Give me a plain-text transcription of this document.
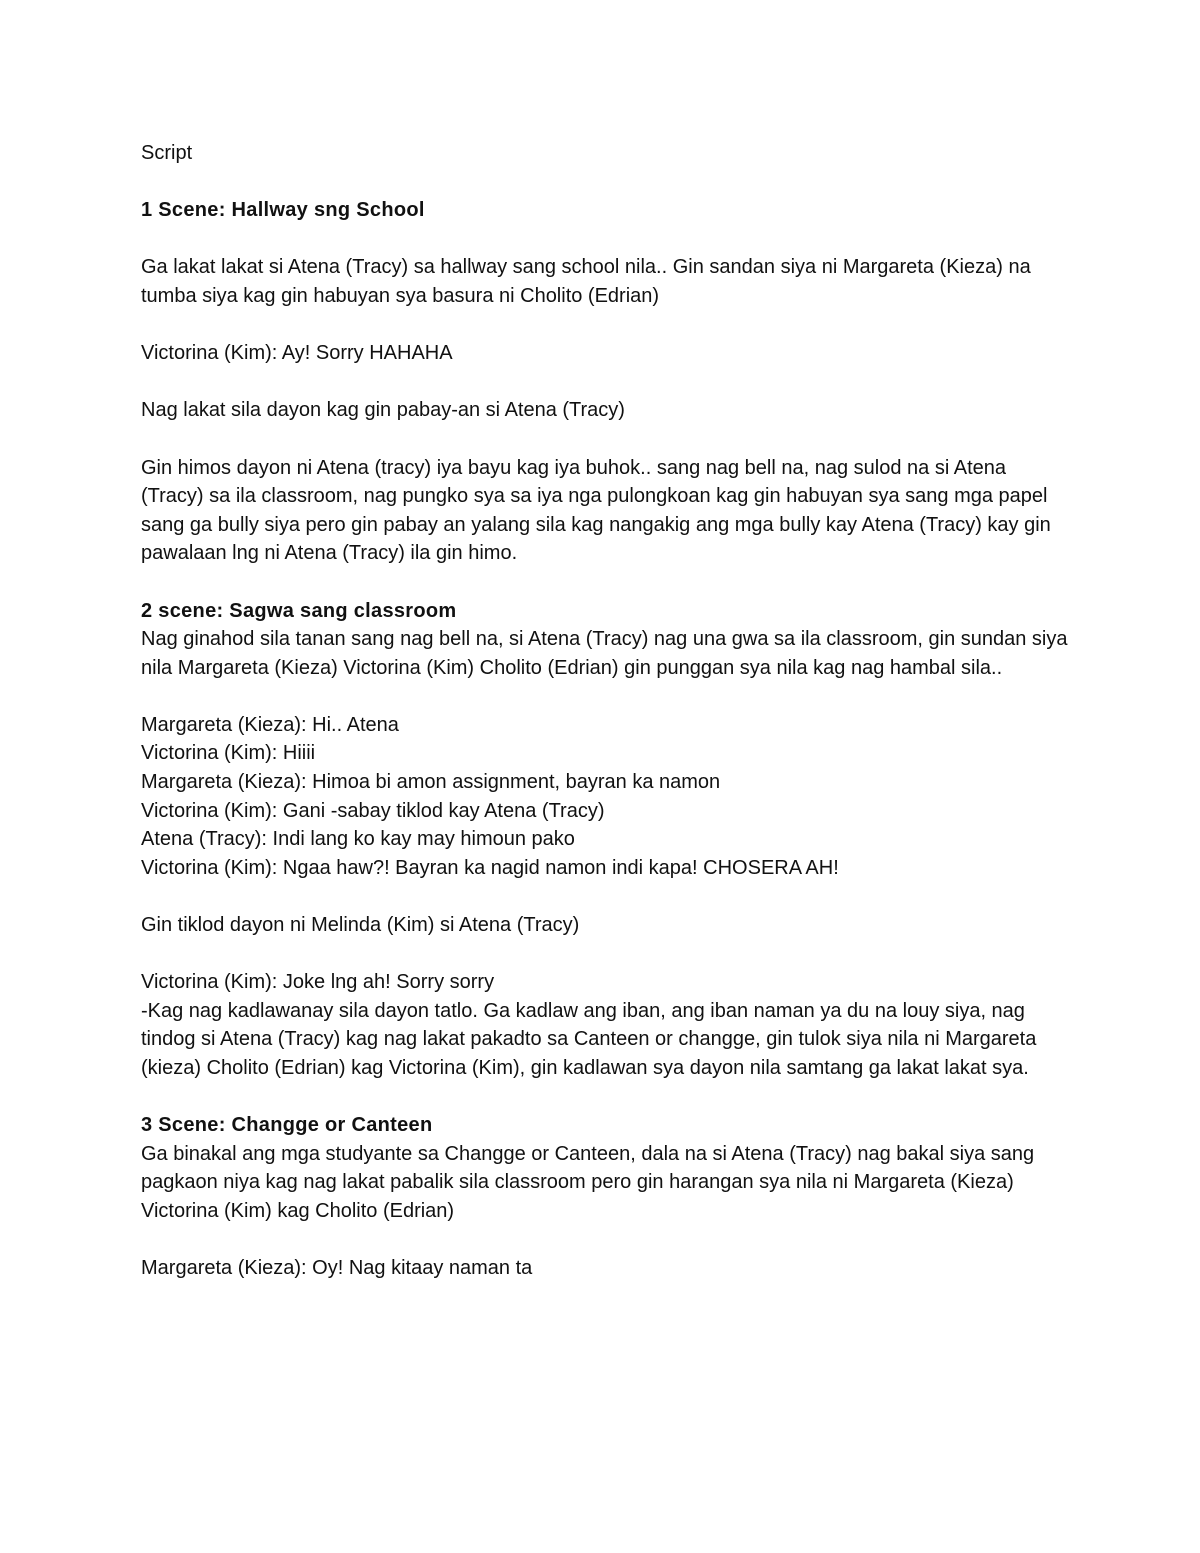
Script

1 Scene: Hallway sng School

Ga lakat lakat si Atena (Tracy) sa hallway sang school nila.. Gin sandan siya ni Margareta (Kieza) na tumba siya kag gin habuyan sya basura ni Cholito (Edrian)

Victorina (Kim): Ay! Sorry HAHAHA

Nag lakat sila dayon kag gin pabay-an si Atena (Tracy)

Gin himos dayon ni Atena (tracy) iya bayu kag iya buhok.. sang nag bell na, nag sulod na si Atena (Tracy) sa ila classroom, nag pungko sya sa iya nga pulongkoan kag gin habuyan sya sang mga papel sang ga bully siya pero gin pabay an yalang sila kag nangakig ang mga bully kay Atena (Tracy) kay gin pawalaan lng ni Atena (Tracy) ila gin himo.

2 scene: Sagwa sang classroom

Nag ginahod sila tanan sang nag bell na, si Atena (Tracy) nag una gwa sa ila classroom, gin sundan siya nila Margareta (Kieza) Victorina (Kim) Cholito (Edrian) gin punggan sya nila kag nag hambal sila..

Margareta (Kieza): Hi.. Atena
Victorina (Kim): Hiiii
Margareta (Kieza): Himoa bi amon assignment, bayran ka namon
Victorina (Kim): Gani -sabay tiklod kay Atena (Tracy)
Atena (Tracy): Indi lang ko kay may himoun pako
Victorina (Kim): Ngaa haw?! Bayran ka nagid namon indi kapa! CHOSERA AH!

Gin tiklod dayon ni Melinda (Kim) si Atena (Tracy)

Victorina (Kim): Joke lng ah! Sorry sorry

-Kag nag kadlawanay sila dayon tatlo. Ga kadlaw ang iban, ang iban naman ya du na louy siya, nag tindog si Atena (Tracy) kag nag lakat pakadto sa Canteen or changge, gin tulok siya nila ni Margareta (kieza) Cholito (Edrian) kag Victorina (Kim), gin kadlawan sya dayon nila samtang ga lakat lakat sya.

3 Scene: Changge or Canteen

Ga binakal ang mga studyante sa Changge or Canteen, dala na si Atena (Tracy) nag bakal siya sang pagkaon niya kag nag lakat pabalik sila classroom pero gin harangan sya nila ni Margareta (Kieza) Victorina (Kim) kag Cholito (Edrian)

Margareta (Kieza): Oy! Nag kitaay naman ta
